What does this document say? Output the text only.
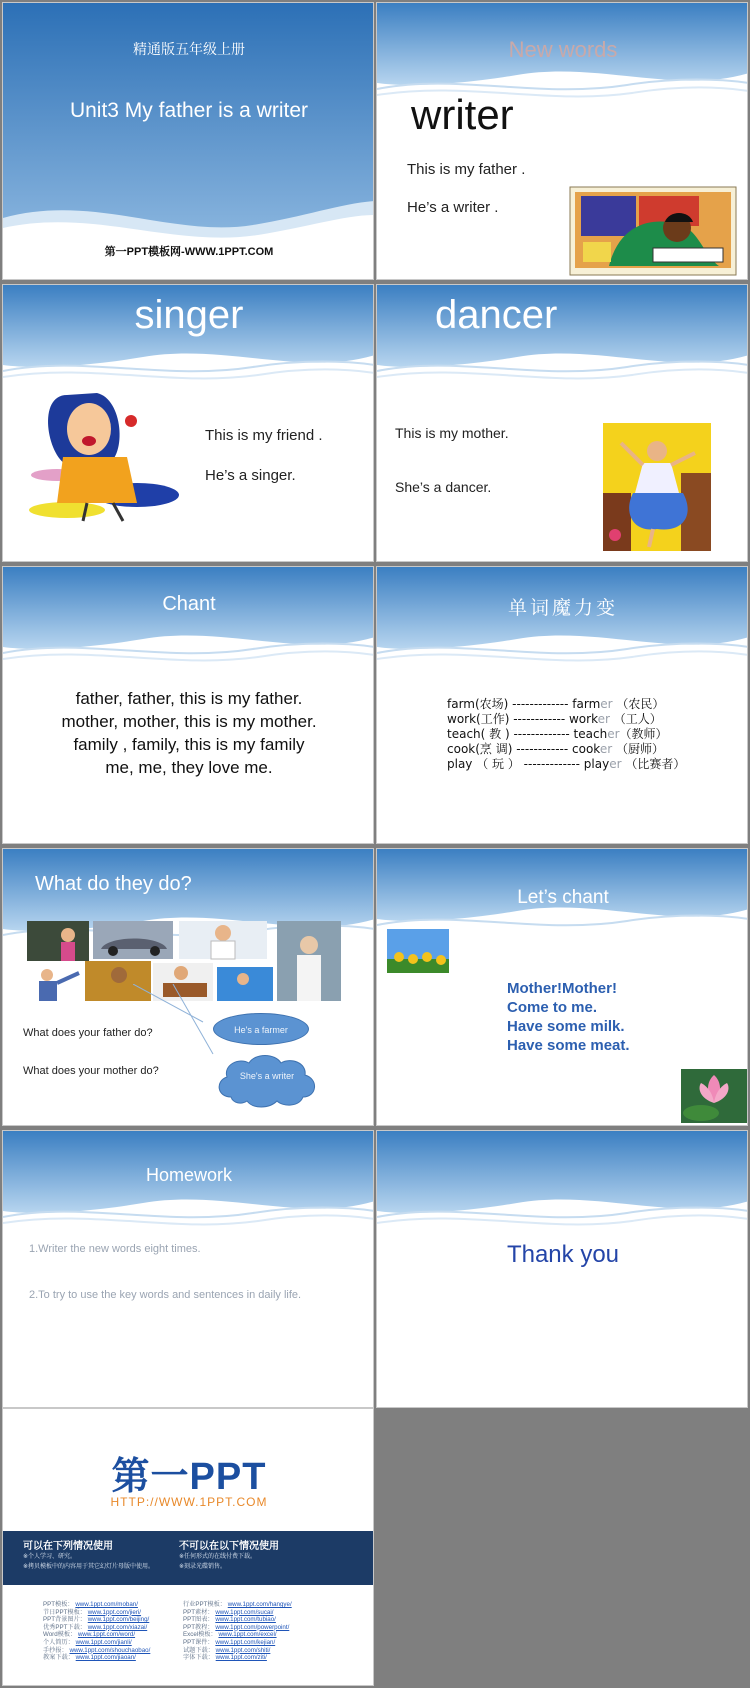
精通版五年级上册
Unit3 My father is a writer
第一PPT模板网-WWW.1PPT.COM
New words
writer
This is my father .
He’s a writer .
singer
This is my friend .
He’s a singer.
dancer
This is my mother.
She’s a dancer.
Chant
father, father, this is my father.
mother, mother, this is my mother.
family , family, this is my family
me, me, they love me.
单词魔力变
farm(农场) ------------- farmer （农民）
work(工作) ------------ worker （工人）
teach( 教 ) ------------- teacher（教师）
cook(烹 调) ------------ cooker （厨师）
play （ 玩 ） ------------- player （比赛者）
What do they do?
What does your father do?
What does your mother do?
He's a farmer
She's a writer
Let’s chant
Mother!Mother!
Come to me.
Have some milk.
Have some meat.
Homework
1.Writer the new words eight times.
2.To try to use the key words and sentences in daily life.
Thank you
第一PPT
HTTP://WWW.1PPT.COM
可以在下列情况使用
※个人学习、研究。
※拷贝模板中的内容用于其它幻灯片母版中使用。
不可以在以下情况使用
※任何形式的在线付费下载。
※刻录光碟销售。
PPT模板： www.1ppt.com/moban/
节日PPT模板： www.1ppt.com/jieri/
PPT背景图片： www.1ppt.com/beijing/
优秀PPT下载： www.1ppt.com/xiazai/
Word模板： www.1ppt.com/word/
个人简历： www.1ppt.com/jianli/
手抄报： www.1ppt.com/shouchaobao/
教案下载： www.1ppt.com/jiaoan/
行业PPT模板： www.1ppt.com/hangye/
PPT素材： www.1ppt.com/sucai/
PPT图表： www.1ppt.com/tubiao/
PPT教程： www.1ppt.com/powerpoint/
Excel模板： www.1ppt.com/excel/
PPT课件： www.1ppt.com/kejian/
试题下载： www.1ppt.com/shiti/
字体下载： www.1ppt.com/ziti/
